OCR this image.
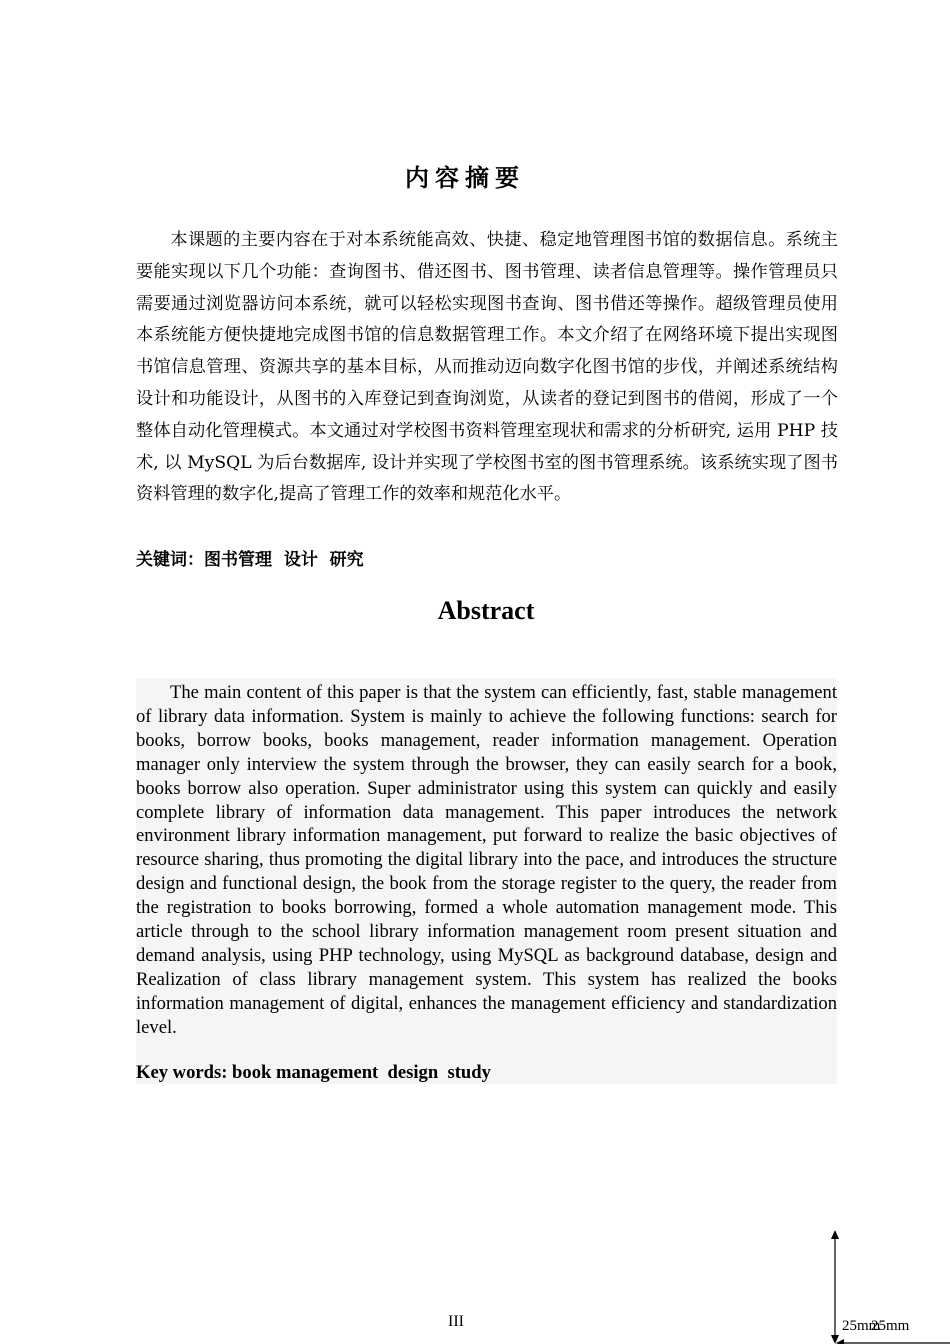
内容摘要

本课题的主要内容在于对本系统能高效、快捷、稳定地管理图书馆的数据信息。系统主要能实现以下几个功能：查询图书、借还图书、图书管理、读者信息管理等。操作管理员只需要通过浏览器访问本系统，就可以轻松实现图书查询、图书借还等操作。超级管理员使用本系统能方便快捷地完成图书馆的信息数据管理工作。本文介绍了在网络环境下提出实现图书馆信息管理、资源共享的基本目标，从而推动迈向数字化图书馆的步伐，并阐述系统结构设计和功能设计，从图书的入库登记到查询浏览，从读者的登记到图书的借阅，形成了一个整体自动化管理模式。本文通过对学校图书资料管理室现状和需求的分析研究, 运用 PHP 技术, 以 MySQL 为后台数据库, 设计并实现了学校图书室的图书管理系统。该系统实现了图书资料管理的数字化,提高了管理工作的效率和规范化水平。

关键词：图书管理  设计  研究

Abstract

The main content of this paper is that the system can efficiently, fast, stable management of library data information. System is mainly to achieve the following functions: search for books, borrow books, books management, reader information management. Operation manager only interview the system through the browser, they can easily search for a book, books borrow also operation. Super administrator using this system can quickly and easily complete library of information data management. This paper introduces the network environment library information management, put forward to realize the basic objectives of resource sharing, thus promoting the digital library into the pace, and introduces the structure design and functional design, the book from the storage register to the query, the reader from the registration to books borrowing, formed a whole automation management mode. This article through to the school library information management room present situation and demand analysis, using PHP technology, using MySQL as background database, design and Realization of class library management system. This system has realized the books information management of digital, enhances the management efficiency and standardization level.

Key words: book management  design  study

III	25mm
25mm
